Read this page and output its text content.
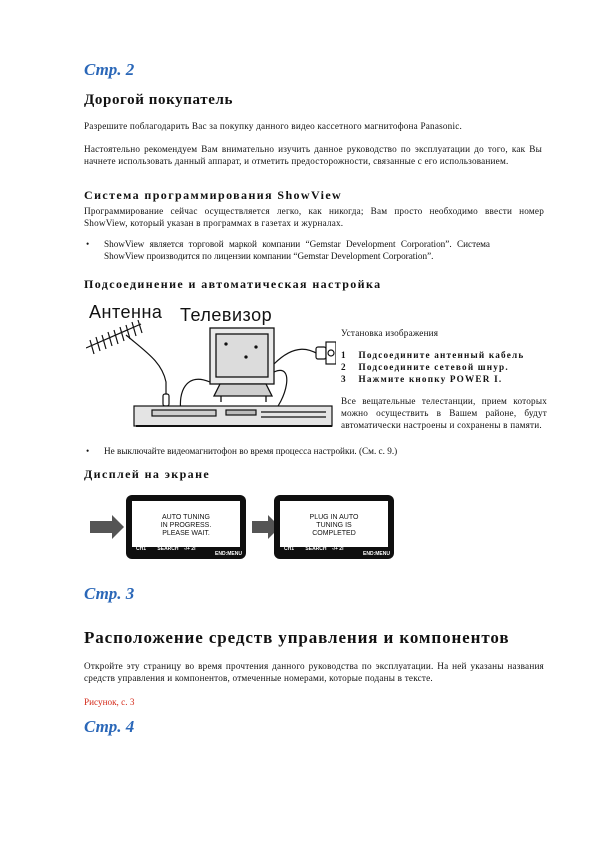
Стр. 2
Дорогой покупатель
Разрешите поблагодарить Вас за покупку данного видео кассетного магнитофона Panasonic.
Настоятельно рекомендуем Вам внимательно изучить данное руководство по эксплуатации до того, как Вы начнете использовать данный аппарат, и отметить предосторожности, связанные с его использованием.
Система программирования ShowView
Программирование сейчас осуществляется легко, как никогда; Вам просто необходимо ввести номер ShowView, который указан в программах в газетах и журналах.
• ShowView является торговой маркой компании “Gemstar Development Corporation”. Система ShowView производится по лицензии компании “Gemstar Development Corporation”.
Подсоединение и автоматическая настройка
Антенна Телевизор
Установка изображения
1 Подсоедините антенный кабель
2 Подсоедините сетевой шнур.
3 Нажмите кнопку POWER I.
Все вещательные телестанции, прием которых можно осуществить в Вашем районе, будут автоматически настроены и сохранены в памяти.
• Не выключайте видеомагнитофон во время процесса настройки. (См. с. 9.)
Дисплей на экране
AUTO TUNING
IN PROGRESS.
PLEASE WAIT.
CH1 SEARCH -/+ 2I
END:MENU
PLUG IN AUTO
TUNING IS
COMPLETED
CH1 SEARCH -/+ 2I
END:MENU
Стр. 3
Расположение средств управления и компонентов
Откройте эту страницу во время прочтения данного руководства по эксплуатации. На ней указаны названия средств управления и компонентов, отмеченные номерами, которые поданы в тексте.
Рисунок, с. 3
Стр. 4
